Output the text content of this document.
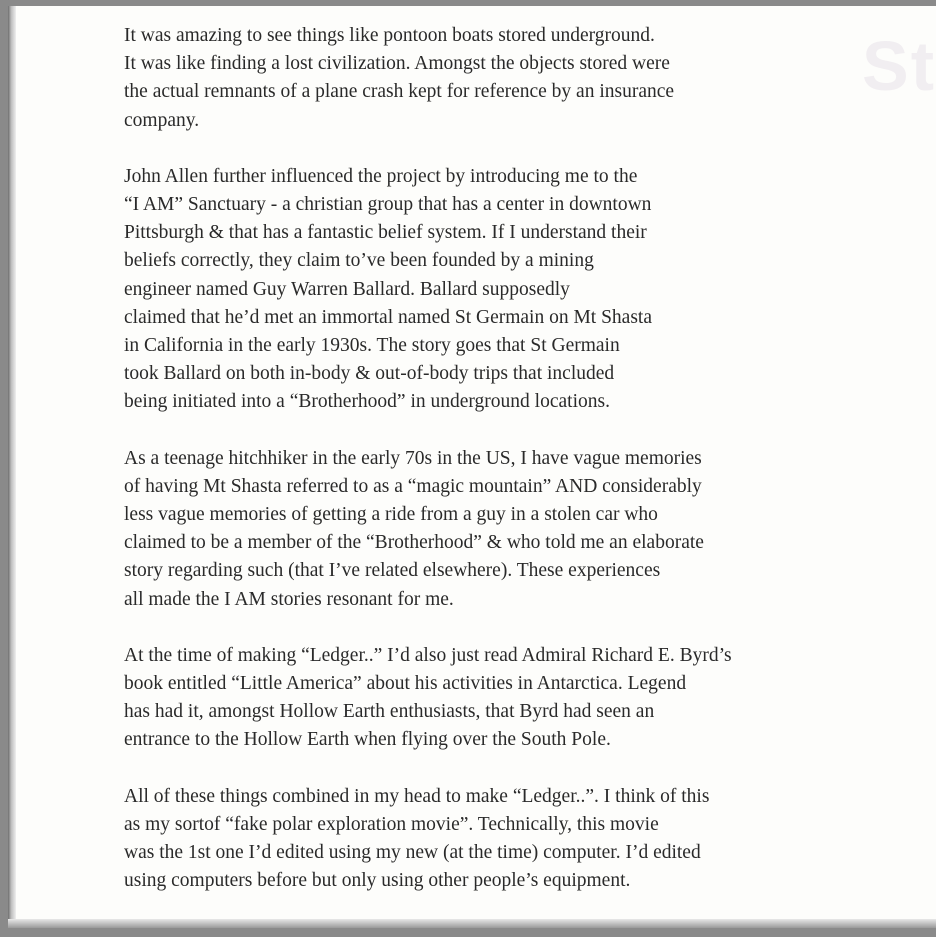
St

It was amazing to see things like pontoon boats stored underground.
It was like finding a lost civilization. Amongst the objects stored were
the actual remnants of a plane crash kept for reference by an insurance
company.

John Allen further influenced the project by introducing me to the
“I AM” Sanctuary - a christian group that has a center in downtown
Pittsburgh & that has a fantastic belief system. If I understand their
beliefs correctly, they claim to’ve been founded by a mining
engineer named Guy Warren Ballard. Ballard supposedly
claimed that he’d met an immortal named St Germain on Mt Shasta
in California in the early 1930s. The story goes that St Germain
took Ballard on both in-body & out-of-body trips that included
being initiated into a “Brotherhood” in underground locations.

As a teenage hitchhiker in the early 70s in the US, I have vague memories
of having Mt Shasta referred to as a “magic mountain” AND considerably
less vague memories of getting a ride from a guy in a stolen car who
claimed to be a member of the “Brotherhood” & who told me an elaborate
story regarding such (that I’ve related elsewhere). These experiences
all made the I AM stories resonant for me.

At the time of making “Ledger..” I’d also just read Admiral Richard E. Byrd’s
book entitled “Little America” about his activities in Antarctica. Legend
has had it, amongst Hollow Earth enthusiasts, that Byrd had seen an
entrance to the Hollow Earth when flying over the South Pole.

All of these things combined in my head to make “Ledger..”. I think of this
as my sortof “fake polar exploration movie”. Technically, this movie
was the 1st one I’d edited using my new (at the time) computer. I’d edited
using computers before but only using other people’s equipment.
